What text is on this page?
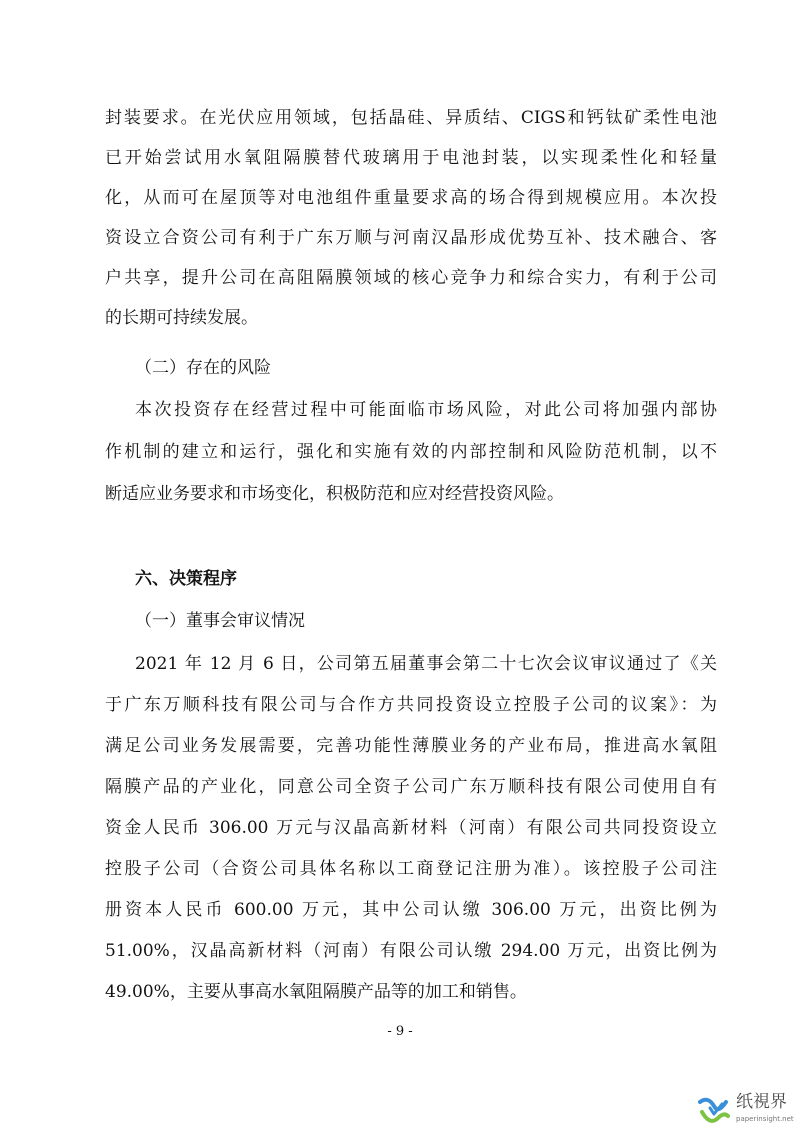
封装要求。在光伏应用领域，包括晶硅、异质结、CIGS和钙钛矿柔性电池
已开始尝试用水氧阻隔膜替代玻璃用于电池封装，以实现柔性化和轻量
化，从而可在屋顶等对电池组件重量要求高的场合得到规模应用。本次投
资设立合资公司有利于广东万顺与河南汉晶形成优势互补、技术融合、客
户共享，提升公司在高阻隔膜领域的核心竞争力和综合实力，有利于公司
的长期可持续发展。
（二）存在的风险
本次投资存在经营过程中可能面临市场风险，对此公司将加强内部协
作机制的建立和运行，强化和实施有效的内部控制和风险防范机制，以不
断适应业务要求和市场变化，积极防范和应对经营投资风险。
六、决策程序
（一）董事会审议情况
2021 年 12 月 6 日，公司第五届董事会第二十七次会议审议通过了《关
于广东万顺科技有限公司与合作方共同投资设立控股子公司的议案》：为
满足公司业务发展需要，完善功能性薄膜业务的产业布局，推进高水氧阻
隔膜产品的产业化，同意公司全资子公司广东万顺科技有限公司使用自有
资金人民币 306.00 万元与汉晶高新材料（河南）有限公司共同投资设立
控股子公司（合资公司具体名称以工商登记注册为准）。该控股子公司注
册资本人民币 600.00 万元，其中公司认缴 306.00 万元，出资比例为
51.00%，汉晶高新材料（河南）有限公司认缴 294.00 万元，出资比例为
49.00%，主要从事高水氧阻隔膜产品等的加工和销售。
- 9 -
纸視界
paperinsight.net
